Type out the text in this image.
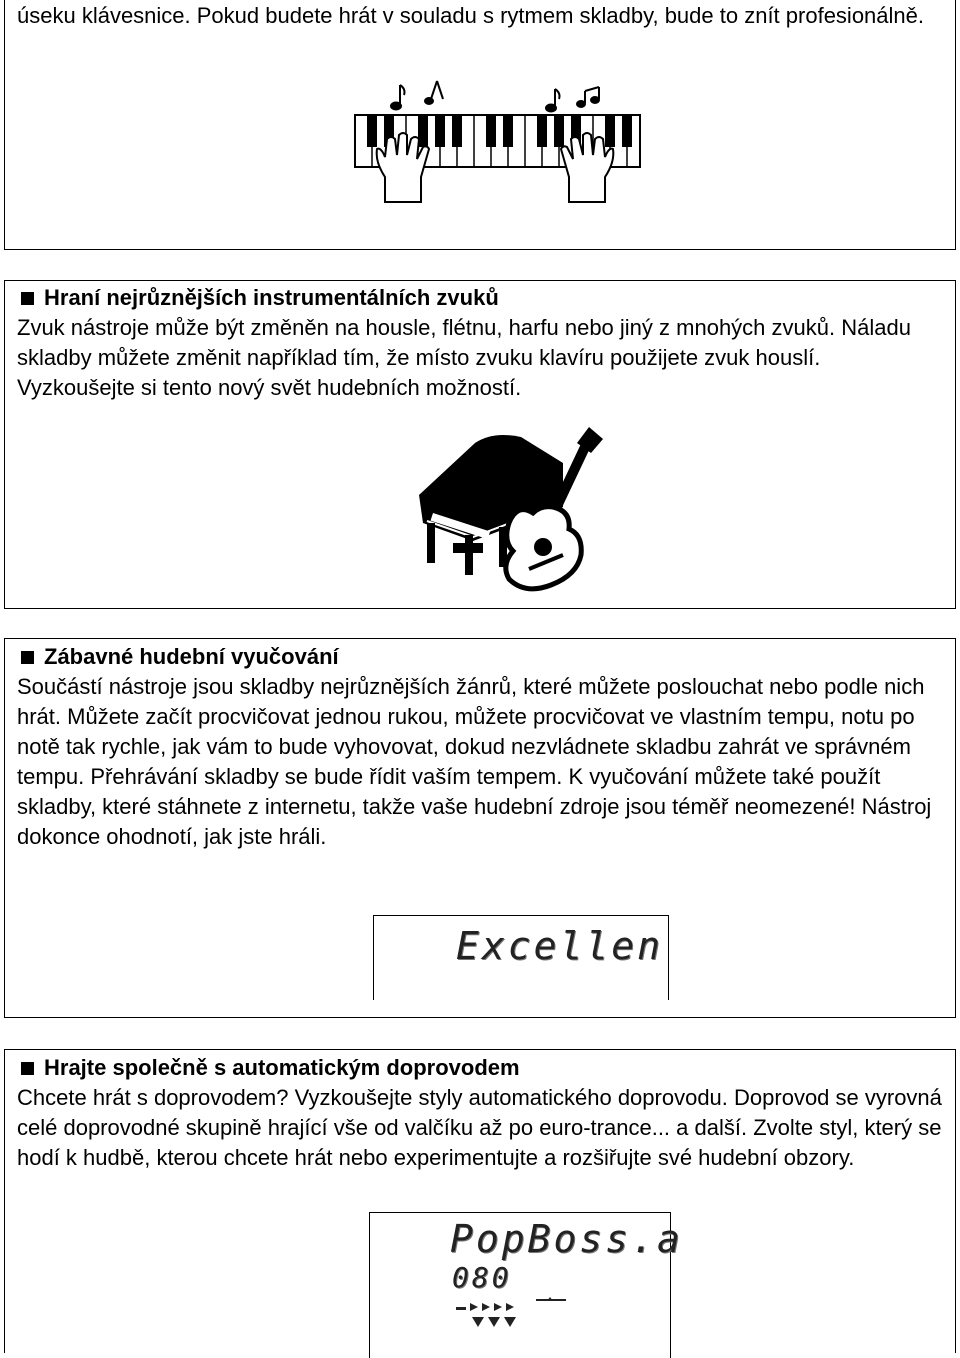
úseku klávesnice. Pokud budete hrát v souladu s rytmem skladby, bude to znít profesionálně.

Hraní nejrůznějších instrumentálních zvuků

Zvuk nástroje může být změněn na housle, flétnu, harfu nebo jiný z mnohých zvuků. Náladu skladby můžete změnit například tím, že místo zvuku klavíru použijete zvuk houslí. Vyzkoušejte si tento nový svět hudebních možností.

Zábavné hudební vyučování

Součástí nástroje jsou skladby nejrůznějších žánrů, které můžete poslouchat nebo podle nich hrát. Můžete začít procvičovat jednou rukou, můžete procvičovat ve vlastním tempu, notu po notě tak rychle, jak vám to bude vyhovovat, dokud nezvládnete skladbu zahrát ve správném tempu. Přehrávání skladby se bude řídit vaším tempem. K vyučování můžete také použít skladby, které stáhnete z internetu, takže vaše hudební zdroje jsou téměř neomezené! Nástroj dokonce ohodnotí, jak jste hráli.

Excellen
Hrajte společně s automatickým doprovodem

Chcete hrát s doprovodem? Vyzkoušejte styly automatického doprovodu. Doprovod se vyrovná celé doprovodné skupině hrající vše od valčíku až po euro-trance... a další. Zvolte styl, který se hodí k hudbě, kterou chcete hrát nebo experimentujte a rozšiřujte své hudební obzory.

PopBoss.a
080
